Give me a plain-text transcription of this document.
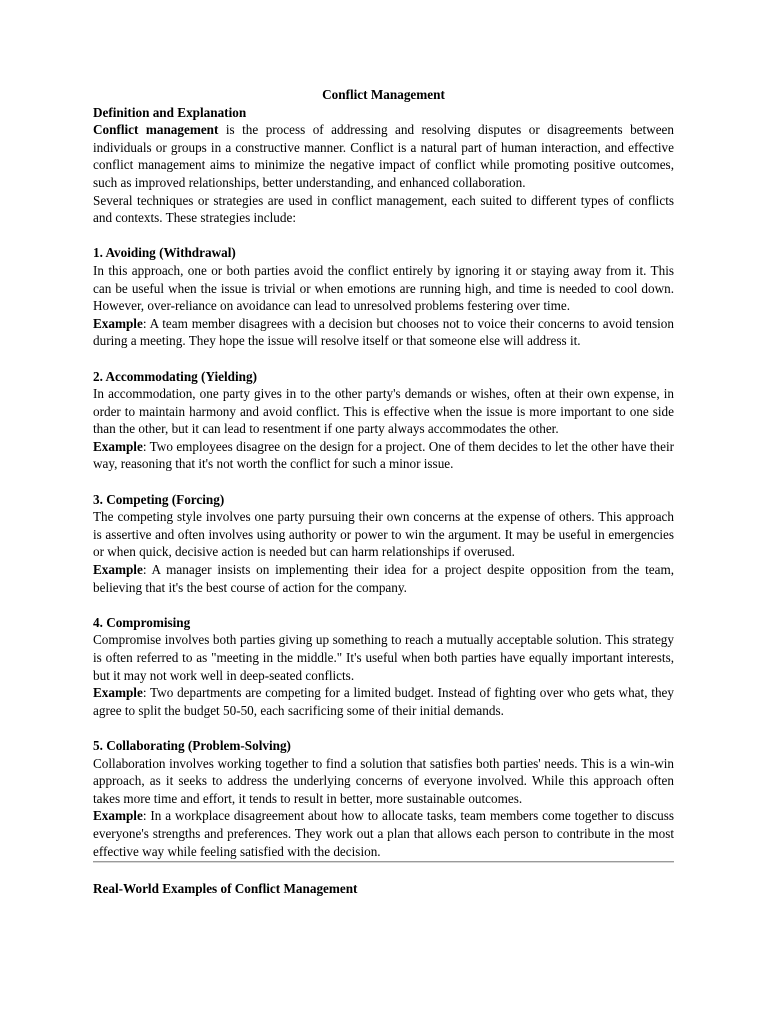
Conflict Management

Definition and Explanation

Conflict management is the process of addressing and resolving disputes or disagreements between individuals or groups in a constructive manner. Conflict is a natural part of human interaction, and effective conflict management aims to minimize the negative impact of conflict while promoting positive outcomes, such as improved relationships, better understanding, and enhanced collaboration.

Several techniques or strategies are used in conflict management, each suited to different types of conflicts and contexts. These strategies include:

1. Avoiding (Withdrawal)

In this approach, one or both parties avoid the conflict entirely by ignoring it or staying away from it. This can be useful when the issue is trivial or when emotions are running high, and time is needed to cool down. However, over-reliance on avoidance can lead to unresolved problems festering over time.

Example: A team member disagrees with a decision but chooses not to voice their concerns to avoid tension during a meeting. They hope the issue will resolve itself or that someone else will address it.

2. Accommodating (Yielding)

In accommodation, one party gives in to the other party's demands or wishes, often at their own expense, in order to maintain harmony and avoid conflict. This is effective when the issue is more important to one side than the other, but it can lead to resentment if one party always accommodates the other.

Example: Two employees disagree on the design for a project. One of them decides to let the other have their way, reasoning that it's not worth the conflict for such a minor issue.

3. Competing (Forcing)

The competing style involves one party pursuing their own concerns at the expense of others. This approach is assertive and often involves using authority or power to win the argument. It may be useful in emergencies or when quick, decisive action is needed but can harm relationships if overused.

Example: A manager insists on implementing their idea for a project despite opposition from the team, believing that it's the best course of action for the company.

4. Compromising

Compromise involves both parties giving up something to reach a mutually acceptable solution. This strategy is often referred to as "meeting in the middle." It's useful when both parties have equally important interests, but it may not work well in deep-seated conflicts.

Example: Two departments are competing for a limited budget. Instead of fighting over who gets what, they agree to split the budget 50-50, each sacrificing some of their initial demands.

5. Collaborating (Problem-Solving)

Collaboration involves working together to find a solution that satisfies both parties' needs. This is a win-win approach, as it seeks to address the underlying concerns of everyone involved. While this approach often takes more time and effort, it tends to result in better, more sustainable outcomes.

Example: In a workplace disagreement about how to allocate tasks, team members come together to discuss everyone's strengths and preferences. They work out a plan that allows each person to contribute in the most effective way while feeling satisfied with the decision.

Real-World Examples of Conflict Management
